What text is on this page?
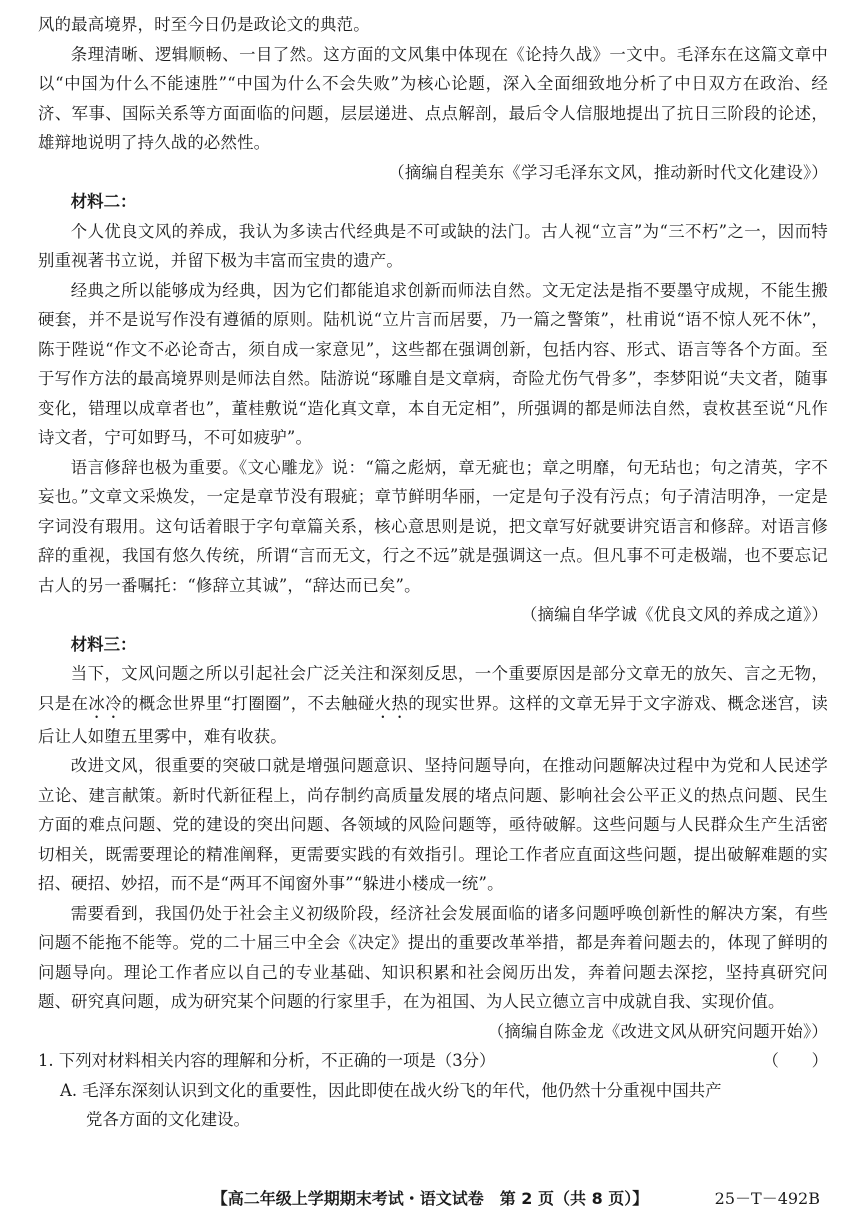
风的最高境界，时至今日仍是政论文的典范。

条理清晰、逻辑顺畅、一目了然。这方面的文风集中体现在《论持久战》一文中。毛泽东在这篇文章中以“中国为什么不能速胜”“中国为什么不会失败”为核心论题，深入全面细致地分析了中日双方在政治、经济、军事、国际关系等方面面临的问题，层层递进、点点解剖，最后令人信服地提出了抗日三阶段的论述，雄辩地说明了持久战的必然性。

（摘编自程美东《学习毛泽东文风，推动新时代文化建设》）

材料二：

个人优良文风的养成，我认为多读古代经典是不可或缺的法门。古人视“立言”为“三不朽”之一，因而特别重视著书立说，并留下极为丰富而宝贵的遗产。

经典之所以能够成为经典，因为它们都能追求创新而师法自然。文无定法是指不要墨守成规，不能生搬硬套，并不是说写作没有遵循的原则。陆机说“立片言而居要，乃一篇之警策”，杜甫说“语不惊人死不休”，陈于陛说“作文不必论奇古，须自成一家意见”，这些都在强调创新，包括内容、形式、语言等各个方面。至于写作方法的最高境界则是师法自然。陆游说“琢雕自是文章病，奇险尤伤气骨多”，李梦阳说“夫文者，随事变化，错理以成章者也”，董桂敷说“造化真文章，本自无定相”，所强调的都是师法自然，袁枚甚至说“凡作诗文者，宁可如野马，不可如疲驴”。

语言修辞也极为重要。《文心雕龙》说：“篇之彪炳，章无疵也；章之明靡，句无玷也；句之清英，字不妄也。”文章文采焕发，一定是章节没有瑕疵；章节鲜明华丽，一定是句子没有污点；句子清洁明净，一定是字词没有瑕用。这句话着眼于字句章篇关系，核心意思则是说，把文章写好就要讲究语言和修辞。对语言修辞的重视，我国有悠久传统，所谓“言而无文，行之不远”就是强调这一点。但凡事不可走极端，也不要忘记古人的另一番嘱托：“修辞立其诚”，“辞达而已矣”。

（摘编自华学诚《优良文风的养成之道》）

材料三：

当下，文风问题之所以引起社会广泛关注和深刻反思，一个重要原因是部分文章无的放矢、言之无物，只是在冰冷的概念世界里“打圈圈”，不去触碰火热的现实世界。这样的文章无异于文字游戏、概念迷宫，读后让人如堕五里雾中，难有收获。

改进文风，很重要的突破口就是增强问题意识、坚持问题导向，在推动问题解决过程中为党和人民述学立论、建言献策。新时代新征程上，尚存制约高质量发展的堵点问题、影响社会公平正义的热点问题、民生方面的难点问题、党的建设的突出问题、各领域的风险问题等，亟待破解。这些问题与人民群众生产生活密切相关，既需要理论的精准阐释，更需要实践的有效指引。理论工作者应直面这些问题，提出破解难题的实招、硬招、妙招，而不是“两耳不闻窗外事”“躲进小楼成一统”。

需要看到，我国仍处于社会主义初级阶段，经济社会发展面临的诸多问题呼唤创新性的解决方案，有些问题不能拖不能等。党的二十届三中全会《决定》提出的重要改革举措，都是奔着问题去的，体现了鲜明的问题导向。理论工作者应以自己的专业基础、知识积累和社会阅历出发，奔着问题去深挖，坚持真研究问题、研究真问题，成为研究某个问题的行家里手，在为祖国、为人民立德立言中成就自我、实现价值。

（摘编自陈金龙《改进文风从研究问题开始》）

1. 下列对材料相关内容的理解和分析，不正确的一项是（3分）	（　　）
A. 毛泽东深刻认识到文化的重要性，因此即使在战火纷飞的年代，他仍然十分重视中国共产
党各方面的文化建设。
【高二年级上学期期末考试・语文试卷　第 2 页（共 8 页）】	25－T－492B
